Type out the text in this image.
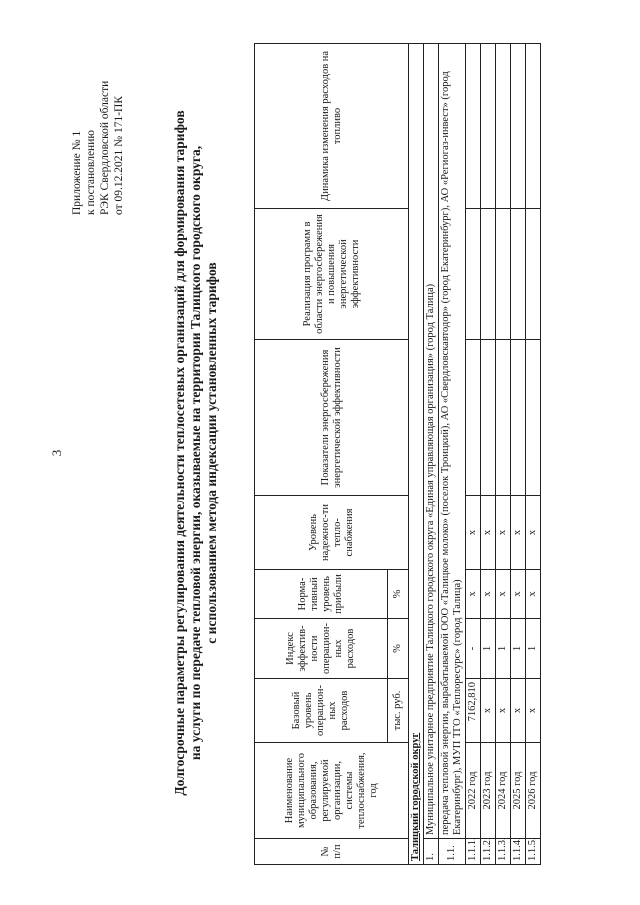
3
Приложение № 1 к постановлению РЭК Свердловской области от 09.12.2021 № 171-ПК	Долгосрочные параметры регулирования деятельности теплосетевых организаций для формирования тарифов на услуги по передаче тепловой энергии, оказываемые на территории Талицкого городского округа, с использованием метода индексации установленных тарифов
№ п/п	Наименование муниципального образования, регулируемой организации, системы теплоснабжения, год	Базовый уровень операцион-ных расходов	Индекс эффектив-ности операцион-ных расходов	Норма-тивный уровень прибыли	Уровень надежнос-ти тепло-снабжения	Показатели энергосбережения энергетической эффективности	Реализация программ в области энергосбережения и повышения энергетической эффективности	Динамика изменения расходов на топливо
		тыс. руб.	%	%				
Талицкий городской округ								
1.	Муниципальное унитарное предприятие Талицкого городского округа «Единая управляющая организация» (город Талица)							
1.1.	передача тепловой энергии, вырабатываемой ООО «Талицкое молоко» (поселок Троицкий), АО «Свердловскавтодор» (город Екатеринбург), АО «Региогаз-инвест» (город Екатеринбург), МУП ТГО «Теплоресурс» (город Талица)							
1.1.1.	2022 год	7162,810	-	x	x			
1.1.2.	2023 год	x	1	x	x			
1.1.3.	2024 год	x	1	x	x			
1.1.4.	2025 год	x	1	x	x			
1.1.5.	2026 год	x	1	x	x			
